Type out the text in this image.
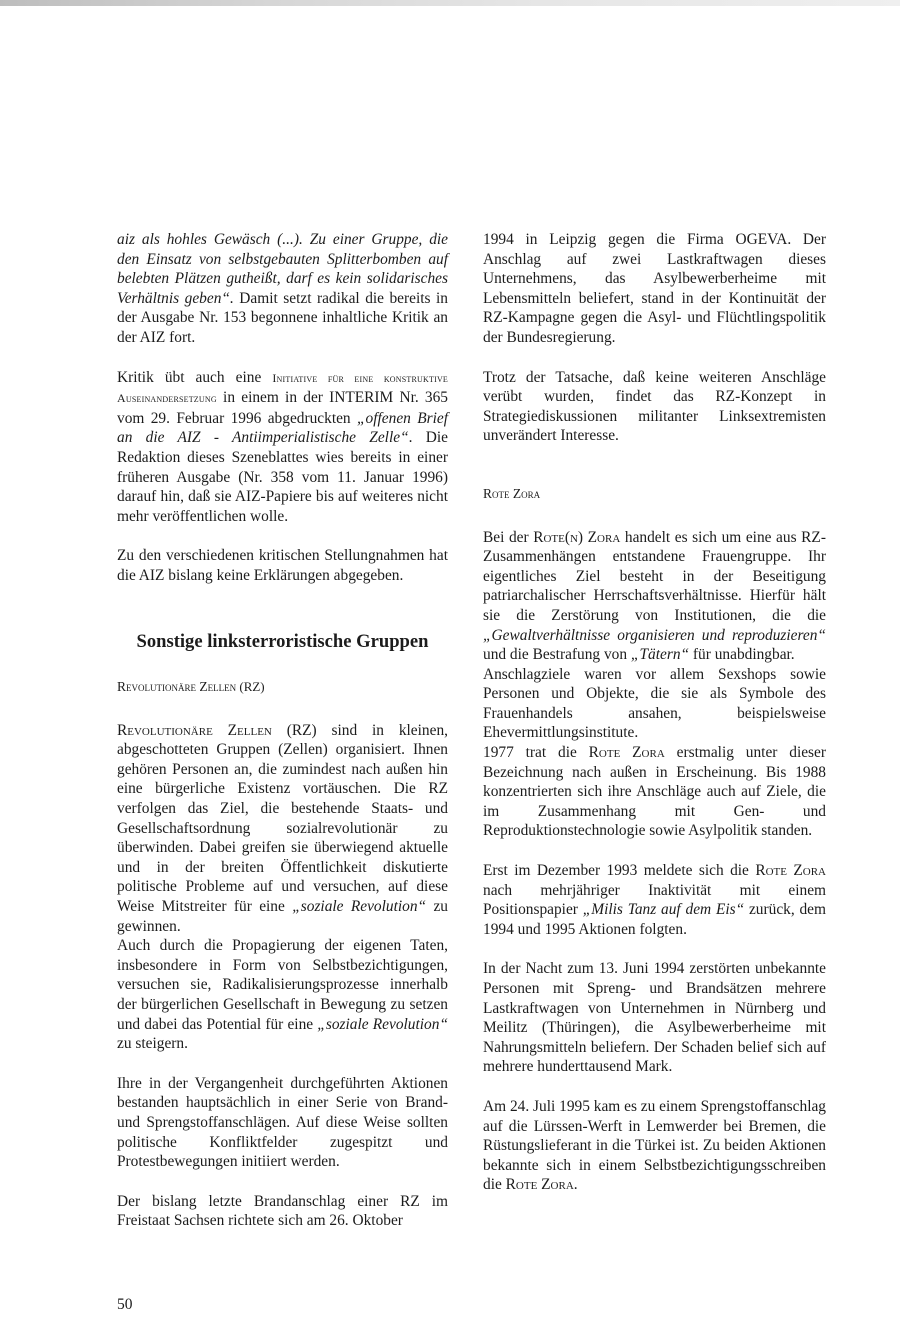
aiz als hohles Gewäsch (...). Zu einer Gruppe, die den Einsatz von selbstgebauten Splitterbomben auf belebten Plätzen gutheißt, darf es kein solidarisches Verhältnis geben“. Damit setzt radikal die bereits in der Ausgabe Nr. 153 begonnene inhaltliche Kritik an der AIZ fort.

Kritik übt auch eine Initiative für eine konstruktive Auseinandersetzung in einem in der INTERIM Nr. 365 vom 29. Februar 1996 abgedruckten „offenen Brief an die AIZ - Antiimperialistische Zelle“. Die Redaktion dieses Szeneblattes wies bereits in einer früheren Ausgabe (Nr. 358 vom 11. Januar 1996) darauf hin, daß sie AIZ-Papiere bis auf weiteres nicht mehr veröffentlichen wolle.

Zu den verschiedenen kritischen Stellungnahmen hat die AIZ bislang keine Erklärungen abgegeben.

Sonstige linksterroristische Gruppen
Revolutionäre Zellen (RZ)

Revolutionäre Zellen (RZ) sind in kleinen, abgeschotteten Gruppen (Zellen) organisiert. Ihnen gehören Personen an, die zumindest nach außen hin eine bürgerliche Existenz vortäuschen. Die RZ verfolgen das Ziel, die bestehende Staats- und Gesellschaftsordnung sozialrevolutionär zu überwinden. Dabei greifen sie überwiegend aktuelle und in der breiten Öffentlichkeit diskutierte politische Probleme auf und versuchen, auf diese Weise Mitstreiter für eine „soziale Revolution“ zu gewinnen.

Auch durch die Propagierung der eigenen Taten, insbesondere in Form von Selbstbezichtigungen, versuchen sie, Radikalisierungsprozesse innerhalb der bürgerlichen Gesellschaft in Bewegung zu setzen und dabei das Potential für eine „soziale Revolution“ zu steigern.

Ihre in der Vergangenheit durchgeführten Aktionen bestanden hauptsächlich in einer Serie von Brand- und Sprengstoffanschlägen. Auf diese Weise sollten politische Konfliktfelder zugespitzt und Protestbewegungen initiiert werden.

Der bislang letzte Brandanschlag einer RZ im Freistaat Sachsen richtete sich am 26. Oktober

1994 in Leipzig gegen die Firma OGEVA. Der Anschlag auf zwei Lastkraftwagen dieses Unternehmens, das Asylbewerberheime mit Lebensmitteln beliefert, stand in der Kontinuität der RZ-Kampagne gegen die Asyl- und Flüchtlingspolitik der Bundesregierung.

Trotz der Tatsache, daß keine weiteren Anschläge verübt wurden, findet das RZ-Konzept in Strategiediskussionen militanter Linksextremisten unverändert Interesse.

Rote Zora

Bei der Rote(n) Zora handelt es sich um eine aus RZ-Zusammenhängen entstandene Frauengruppe. Ihr eigentliches Ziel besteht in der Beseitigung patriarchalischer Herrschaftsverhältnisse. Hierfür hält sie die Zerstörung von Institutionen, die die „Gewaltverhältnisse organisieren und reproduzieren“ und die Bestrafung von „Tätern“ für unabdingbar.

Anschlagziele waren vor allem Sexshops sowie Personen und Objekte, die sie als Symbole des Frauenhandels ansahen, beispielsweise Ehevermittlungsinstitute.

1977 trat die Rote Zora erstmalig unter dieser Bezeichnung nach außen in Erscheinung. Bis 1988 konzentrierten sich ihre Anschläge auch auf Ziele, die im Zusammenhang mit Gen- und Reproduktionstechnologie sowie Asylpolitik standen.

Erst im Dezember 1993 meldete sich die Rote Zora nach mehrjähriger Inaktivität mit einem Positionspapier „Milis Tanz auf dem Eis“ zurück, dem 1994 und 1995 Aktionen folgten.

In der Nacht zum 13. Juni 1994 zerstörten unbekannte Personen mit Spreng- und Brandsätzen mehrere Lastkraftwagen von Unternehmen in Nürnberg und Meilitz (Thüringen), die Asylbewerberheime mit Nahrungsmitteln beliefern. Der Schaden belief sich auf mehrere hunderttausend Mark.

Am 24. Juli 1995 kam es zu einem Sprengstoffanschlag auf die Lürssen-Werft in Lemwerder bei Bremen, die Rüstungslieferant in die Türkei ist. Zu beiden Aktionen bekannte sich in einem Selbstbezichtigungsschreiben die Rote Zora.

50
